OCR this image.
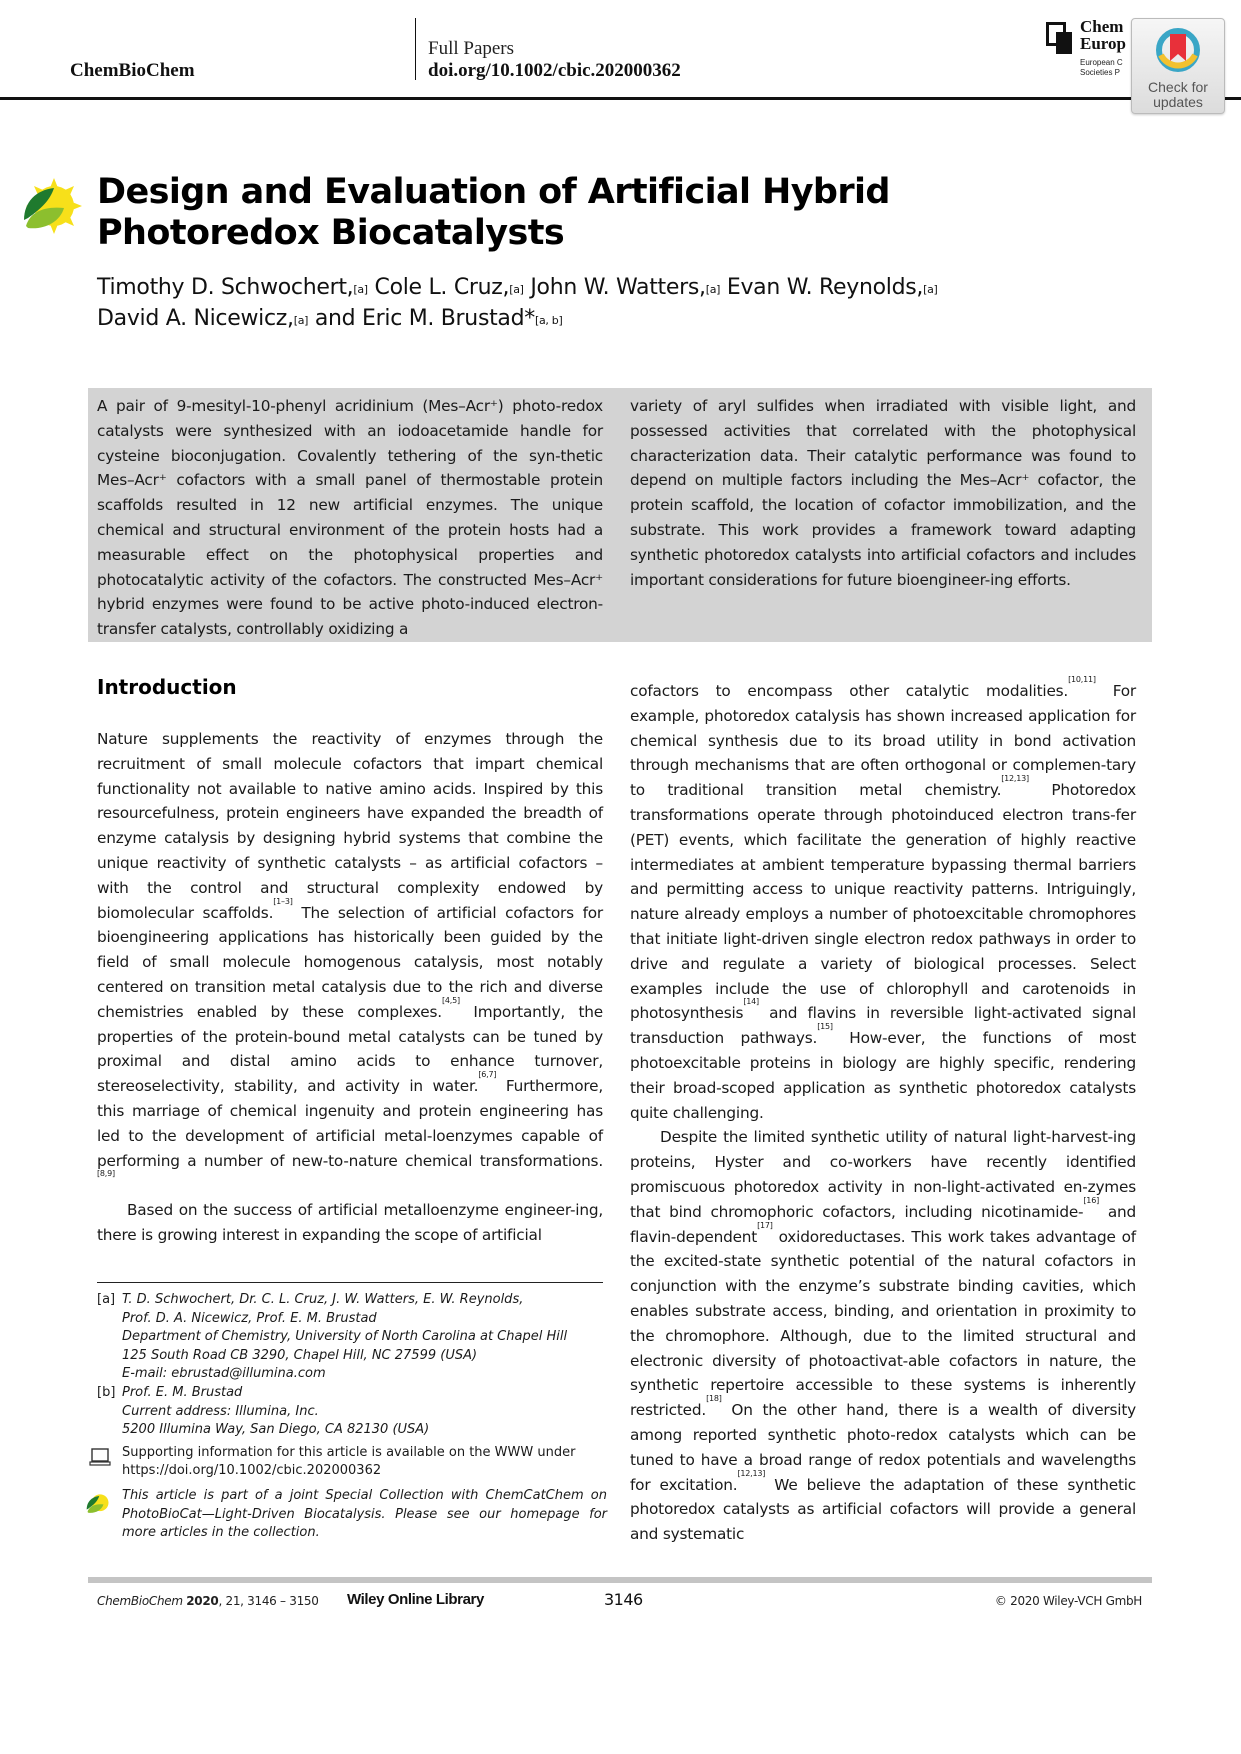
ChemBioChem
Full Papers
doi.org/10.1002/cbic.202000362
Chem
Europ
European C
Societies P
Check for
updates
Design and Evaluation of Artificial Hybrid Photoredox Biocatalysts
Timothy D. Schwochert,[a] Cole L. Cruz,[a] John W. Watters,[a] Evan W. Reynolds,[a]
David A. Nicewicz,[a] and Eric M. Brustad*[a, b]
A pair of 9-mesityl-10-phenyl acridinium (Mes–Acr⁺) photo-redox catalysts were synthesized with an iodoacetamide handle for cysteine bioconjugation. Covalently tethering of the syn-thetic Mes–Acr⁺ cofactors with a small panel of thermostable protein scaffolds resulted in 12 new artificial enzymes. The unique chemical and structural environment of the protein hosts had a measurable effect on the photophysical properties and photocatalytic activity of the cofactors. The constructed Mes–Acr⁺ hybrid enzymes were found to be active photo-induced electron-transfer catalysts, controllably oxidizing a
variety of aryl sulfides when irradiated with visible light, and possessed activities that correlated with the photophysical characterization data. Their catalytic performance was found to depend on multiple factors including the Mes–Acr⁺ cofactor, the protein scaffold, the location of cofactor immobilization, and the substrate. This work provides a framework toward adapting synthetic photoredox catalysts into artificial cofactors and includes important considerations for future bioengineer-ing efforts.
Introduction

Nature supplements the reactivity of enzymes through the recruitment of small molecule cofactors that impart chemical functionality not available to native amino acids. Inspired by this resourcefulness, protein engineers have expanded the breadth of enzyme catalysis by designing hybrid systems that combine the unique reactivity of synthetic catalysts – as artificial cofactors – with the control and structural complexity endowed by biomolecular scaffolds.[1–3] The selection of artificial cofactors for bioengineering applications has historically been guided by the field of small molecule homogenous catalysis, most notably centered on transition metal catalysis due to the rich and diverse chemistries enabled by these complexes.[4,5] Importantly, the properties of the protein-bound metal catalysts can be tuned by proximal and distal amino acids to enhance turnover, stereoselectivity, stability, and activity in water.[6,7] Furthermore, this marriage of chemical ingenuity and protein engineering has led to the development of artificial metal-loenzymes capable of performing a number of new-to-nature chemical transformations.[8,9]

Based on the success of artificial metalloenzyme engineer-ing, there is growing interest in expanding the scope of artificial

cofactors to encompass other catalytic modalities.[10,11] For example, photoredox catalysis has shown increased application for chemical synthesis due to its broad utility in bond activation through mechanisms that are often orthogonal or complemen-tary to traditional transition metal chemistry.[12,13] Photoredox transformations operate through photoinduced electron trans-fer (PET) events, which facilitate the generation of highly reactive intermediates at ambient temperature bypassing thermal barriers and permitting access to unique reactivity patterns. Intriguingly, nature already employs a number of photoexcitable chromophores that initiate light-driven single electron redox pathways in order to drive and regulate a variety of biological processes. Select examples include the use of chlorophyll and carotenoids in photosynthesis[14] and flavins in reversible light-activated signal transduction pathways.[15] How-ever, the functions of most photoexcitable proteins in biology are highly specific, rendering their broad-scoped application as synthetic photoredox catalysts quite challenging.

Despite the limited synthetic utility of natural light-harvest-ing proteins, Hyster and co-workers have recently identified promiscuous photoredox activity in non-light-activated en-zymes that bind chromophoric cofactors, including nicotinamide-[16] and flavin-dependent[17] oxidoreductases. This work takes advantage of the excited-state synthetic potential of the natural cofactors in conjunction with the enzyme’s substrate binding cavities, which enables substrate access, binding, and orientation in proximity to the chromophore. Although, due to the limited structural and electronic diversity of photoactivat-able cofactors in nature, the synthetic repertoire accessible to these systems is inherently restricted.[18] On the other hand, there is a wealth of diversity among reported synthetic photo-redox catalysts which can be tuned to have a broad range of redox potentials and wavelengths for excitation.[12,13] We believe the adaptation of these synthetic photoredox catalysts as artificial cofactors will provide a general and systematic

[a] T. D. Schwochert, Dr. C. L. Cruz, J. W. Watters, E. W. Reynolds,
Prof. D. A. Nicewicz, Prof. E. M. Brustad
Department of Chemistry, University of North Carolina at Chapel Hill
125 South Road CB 3290, Chapel Hill, NC 27599 (USA)
E-mail: ebrustad@illumina.com
[b] Prof. E. M. Brustad
Current address: Illumina, Inc.
5200 Illumina Way, San Diego, CA 82130 (USA)
Supporting information for this article is available on the WWW under
https://doi.org/10.1002/cbic.202000362
This article is part of a joint Special Collection with ChemCatChem on PhotoBioCat—Light-Driven Biocatalysis. Please see our homepage for more articles in the collection.
ChemBioChem 2020, 21, 3146 – 3150 Wiley Online Library	3146	© 2020 Wiley-VCH GmbH
